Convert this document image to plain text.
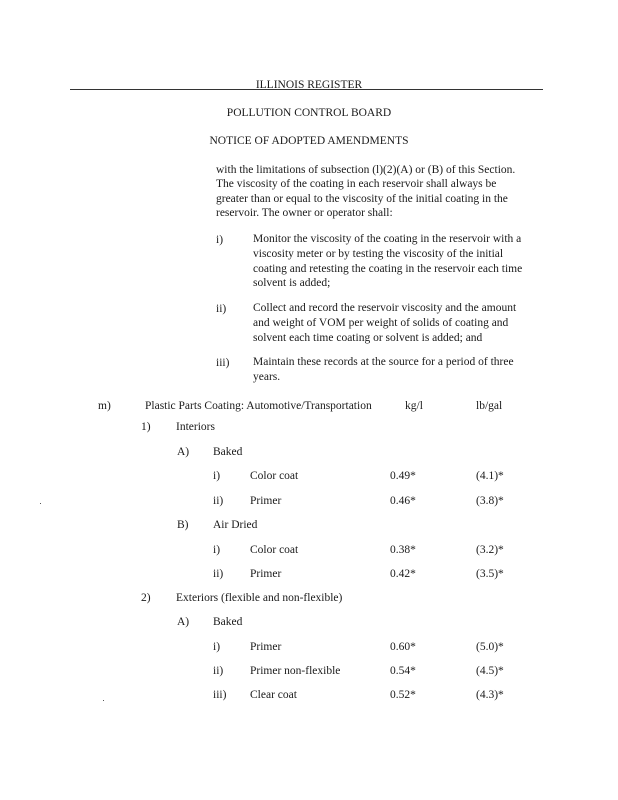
ILLINOIS REGISTER
POLLUTION CONTROL BOARD
NOTICE OF ADOPTED AMENDMENTS
with the limitations of subsection (l)(2)(A) or (B) of this Section.
The viscosity of the coating in each reservoir shall always be
greater than or equal to the viscosity of the initial coating in the
reservoir. The owner or operator shall:
i)	Monitor the viscosity of the coating in the reservoir with a
viscosity meter or by testing the viscosity of the initial
coating and retesting the coating in the reservoir each time
solvent is added;
ii) Collect and record the reservoir viscosity and the amount
and weight of VOM per weight of solids of coating and
solvent each time coating or solvent is added; and
iii) Maintain these records at the source for a period of three
years.
m)	Plastic Parts Coating: Automotive/Transportation	kg/l	lb/gal
1) Interiors
A) Baked
i)	Color coat	0.49*	(4.1)*
ii) Primer	0.46*	(3.8)*
B) Air Dried
i)	Color coat	0.38*	(3.2)*
ii) Primer	0.42*	(3.5)*
2) Exteriors (flexible and non-flexible)
A) Baked
i)	Primer	0.60*	(5.0)*
ii) Primer non-flexible	0.54*	(4.5)*
iii) Clear coat	0.52*	(4.3)*
